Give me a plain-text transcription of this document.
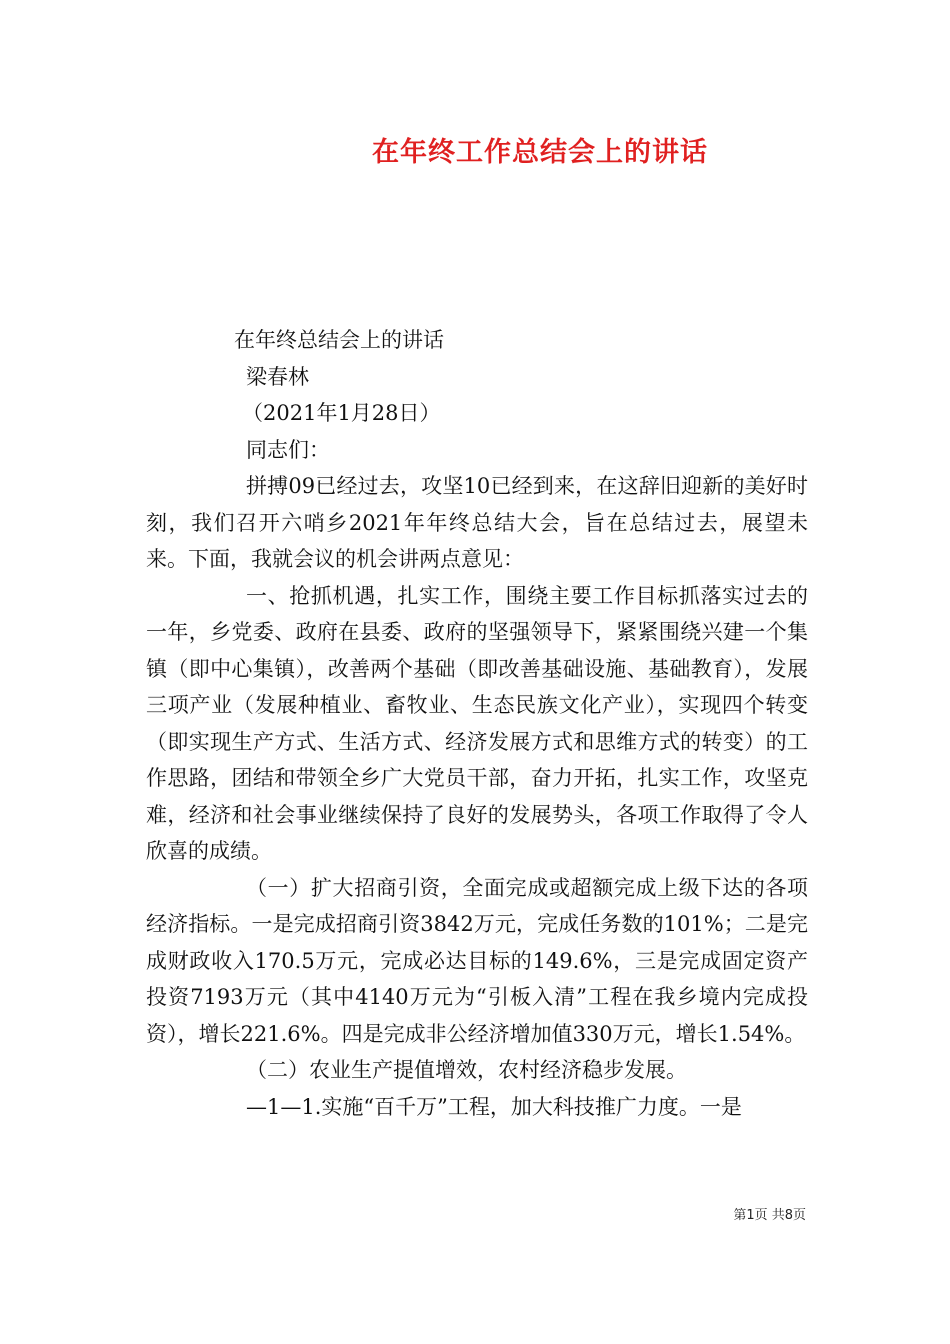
在年终工作总结会上的讲话

在年终总结会上的讲话

梁春林

（2021年1月28日）

同志们：

拼搏09已经过去，攻坚10已经到来，在这辞旧迎新的美好时刻，我们召开六哨乡2021年年终总结大会，旨在总结过去，展望未来。下面，我就会议的机会讲两点意见：

一、抢抓机遇，扎实工作，围绕主要工作目标抓落实过去的一年，乡党委、政府在县委、政府的坚强领导下，紧紧围绕兴建一个集镇（即中心集镇），改善两个基础（即改善基础设施、基础教育），发展三项产业（发展种植业、畜牧业、生态民族文化产业），实现四个转变（即实现生产方式、生活方式、经济发展方式和思维方式的转变）的工作思路，团结和带领全乡广大党员干部，奋力开拓，扎实工作，攻坚克难，经济和社会事业继续保持了良好的发展势头，各项工作取得了令人欣喜的成绩。

（一）扩大招商引资，全面完成或超额完成上级下达的各项经济指标。一是完成招商引资3842万元，完成任务数的101%；二是完成财政收入170.5万元，完成必达目标的149.6%，三是完成固定资产投资7193万元（其中4140万元为“引板入清”工程在我乡境内完成投资），增长221.6%。四是完成非公经济增加值330万元，增长1.54%。

（二）农业生产提值增效，农村经济稳步发展。

—1—1.实施“百千万”工程，加大科技推广力度。一是

第1页 共8页
